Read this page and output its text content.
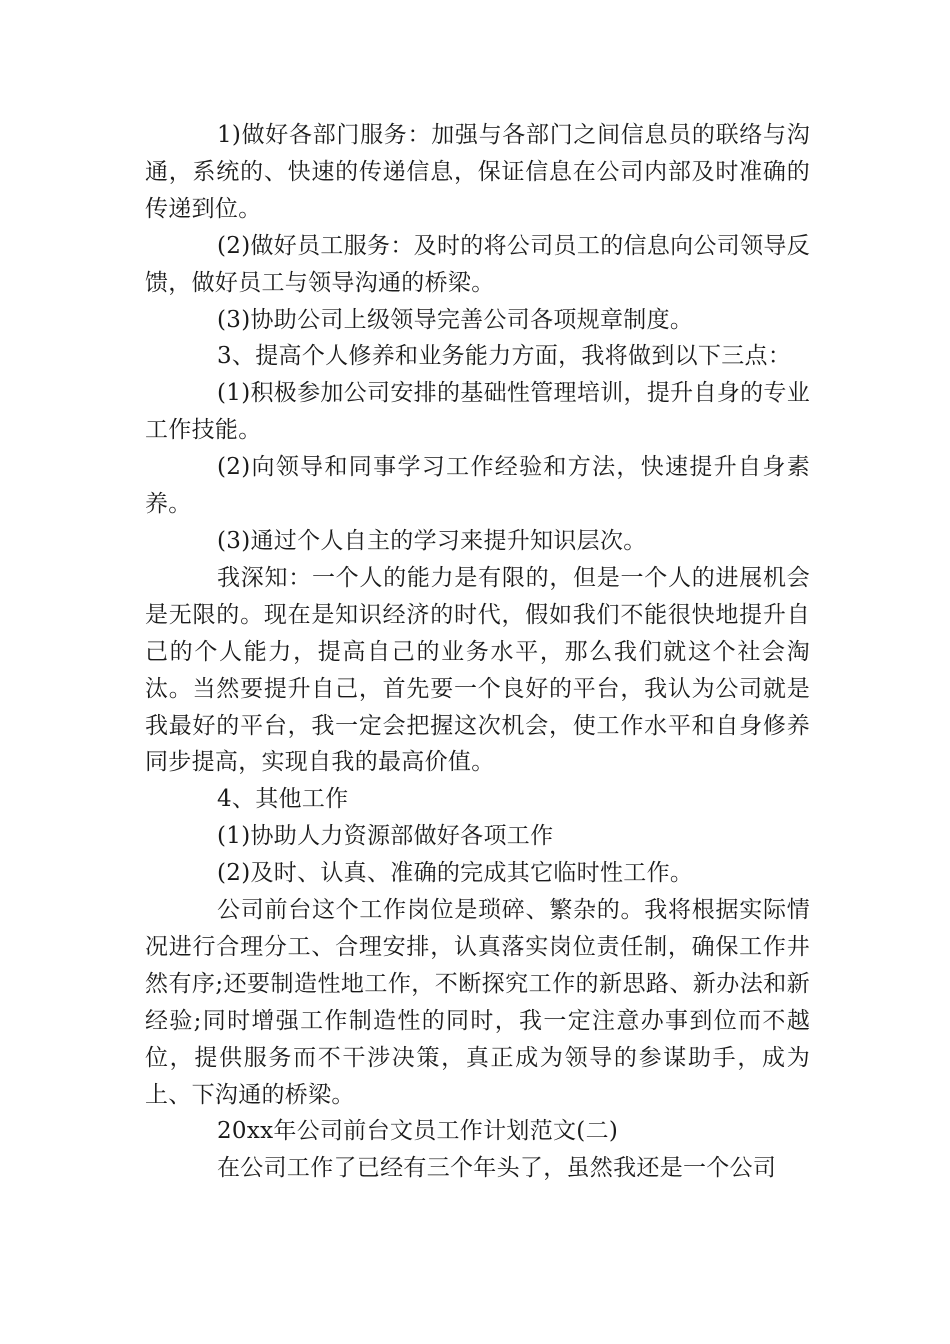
1)做好各部门服务：加强与各部门之间信息员的联络与沟通，系统的、快速的传递信息，保证信息在公司内部及时准确的传递到位。

(2)做好员工服务：及时的将公司员工的信息向公司领导反馈，做好员工与领导沟通的桥梁。

(3)协助公司上级领导完善公司各项规章制度。

3、提高个人修养和业务能力方面，我将做到以下三点：

(1)积极参加公司安排的基础性管理培训，提升自身的专业工作技能。

(2)向领导和同事学习工作经验和方法，快速提升自身素养。

(3)通过个人自主的学习来提升知识层次。

我深知：一个人的能力是有限的，但是一个人的进展机会是无限的。现在是知识经济的时代，假如我们不能很快地提升自己的个人能力，提高自己的业务水平，那么我们就这个社会淘汰。当然要提升自己，首先要一个良好的平台，我认为公司就是我最好的平台，我一定会把握这次机会，使工作水平和自身修养同步提高，实现自我的最高价值。

4、其他工作

(1)协助人力资源部做好各项工作

(2)及时、认真、准确的完成其它临时性工作。

公司前台这个工作岗位是琐碎、繁杂的。我将根据实际情况进行合理分工、合理安排，认真落实岗位责任制，确保工作井然有序;还要制造性地工作，不断探究工作的新思路、新办法和新经验;同时增强工作制造性的同时，我一定注意办事到位而不越位，提供服务而不干涉决策，真正成为领导的参谋助手，成为上、下沟通的桥梁。

20xx年公司前台文员工作计划范文(二)

在公司工作了已经有三个年头了，虽然我还是一个公司
